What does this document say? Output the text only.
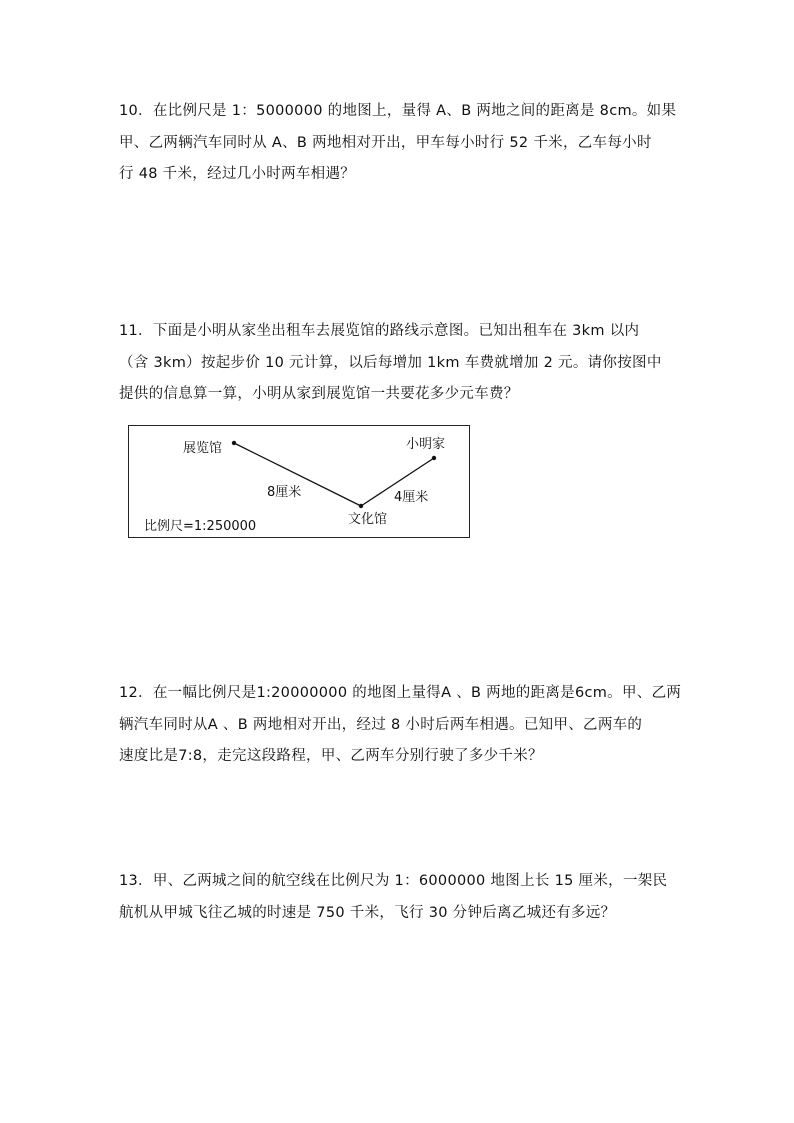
10．在比例尺是 1：5000000 的地图上，量得 A、B 两地之间的距离是 8cm。如果

甲、乙两辆汽车同时从 A、B 两地相对开出，甲车每小时行 52 千米，乙车每小时

行 48 千米，经过几小时两车相遇？

11．下面是小明从家坐出租车去展览馆的路线示意图。已知出租车在 3km 以内

（含 3km）按起步价 10 元计算，以后每增加 1km 车费就增加 2 元。请你按图中

提供的信息算一算，小明从家到展览馆一共要花多少元车费？

展览馆	小明家
文化馆
8厘米	4厘米
比例尺=1:250000

12．在一幅比例尺是1:20000000 的地图上量得A 、B 两地的距离是6cm。甲、乙两

辆汽车同时从A 、B 两地相对开出，经过 8 小时后两车相遇。已知甲、乙两车的

速度比是7:8，走完这段路程，甲、乙两车分别行驶了多少千米？

13．甲、乙两城之间的航空线在比例尺为 1：6000000 地图上长 15 厘米，一架民

航机从甲城飞往乙城的时速是 750 千米，飞行 30 分钟后离乙城还有多远？
